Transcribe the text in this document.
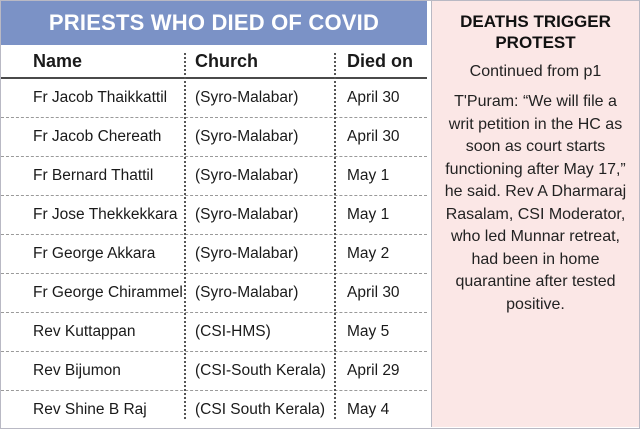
PRIESTS WHO DIED OF COVID
Name	Church	Died on
Fr Jacob Thaikkattil (Syro-Malabar)	April 30
Fr Jacob Chereath (Syro-Malabar)	April 30
Fr Bernard Thattil	(Syro-Malabar)	May 1
Fr Jose Thekkekkara (Syro-Malabar)	May 1
Fr George Akkara	(Syro-Malabar)	May 2
Fr George Chirammel (Syro-Malabar)	April 30
Rev Kuttappan	(CSI-HMS)	May 5
Rev Bijumon	(CSI-South Kerala) April 29
Rev Shine B Raj	(CSI South Kerala) May 4
DEATHS TRIGGER
PROTEST
Continued from p1
T'Puram: “We will file a writ petition in the HC as soon as court starts functioning after May 17,” he said. Rev A Dharmaraj Rasalam, CSI Moderator, who led Munnar retreat, had been in home quarantine after tested positive.
